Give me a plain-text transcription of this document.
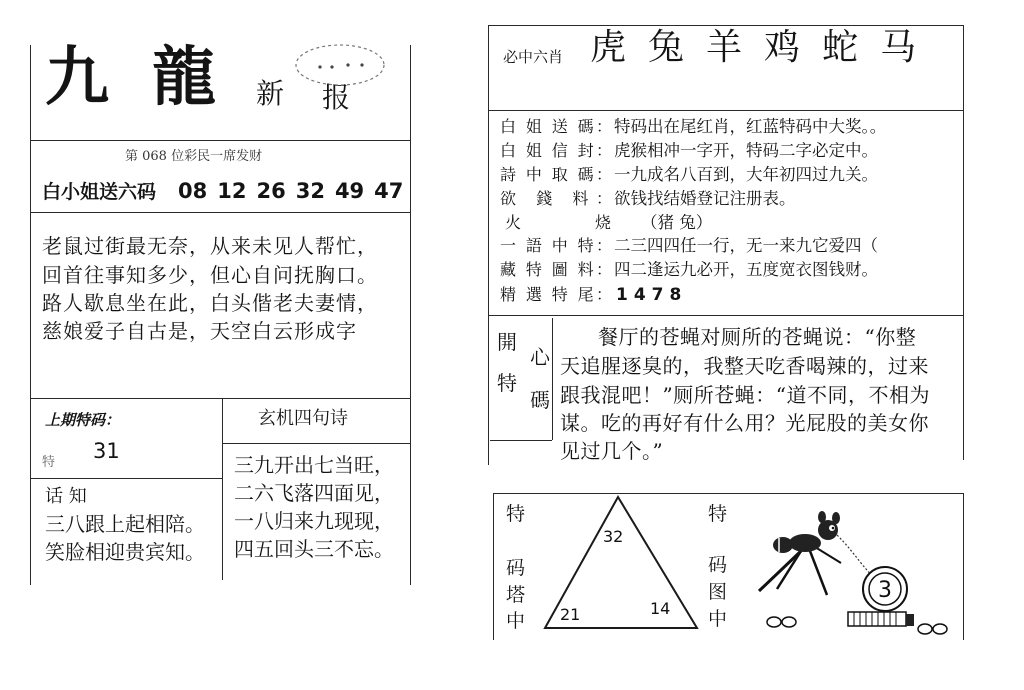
九 龍 新 报
第 068 位彩民一席发财
白小姐送六码 08 12 26 32 49 47
老鼠过街最无奈，从来未见人帮忙，
回首往事知多少，但心自问抚胸口。
路人歇息坐在此，白头偕老夫妻情，
慈娘爱子自古是，天空白云形成字
上期特码：
特 31
话 知
三八跟上起相陪。
笑脸相迎贵宾知。
玄机四句诗
三九开出七当旺，
二六飞落四面见，
一八归来九现现，
四五回头三不忘。
必中六肖 虎 兔 羊 鸡 蛇 马
白 姐 送 碼： 特码出在尾红肖，红蓝特码中大奖。。
白 姐 信 封： 虎猴相冲一字开，特码二字必定中。
詩 中 取 碼： 一九成名八百到，大年初四过九关。
欲 錢 料： 欲钱找结婚登记注册表。
火 烧 （猪 兔）
一 語 中 特： 二三四四任一行，无一来九它爱四（
藏 特 圖 料： 四二逢运九必开，五度宽衣图钱财。
精 選 特 尾： 1478
開
心
特
碼
餐厅的苍蝇对厕所的苍蝇说：“你整
天追腥逐臭的，我整天吃香喝辣的，过来
跟我混吧！”厕所苍蝇：“道不同，不相为
谋。吃的再好有什么用？光屁股的美女你
见过几个。”
特
码
塔
中
32
21	14
特
码
图
中
3
